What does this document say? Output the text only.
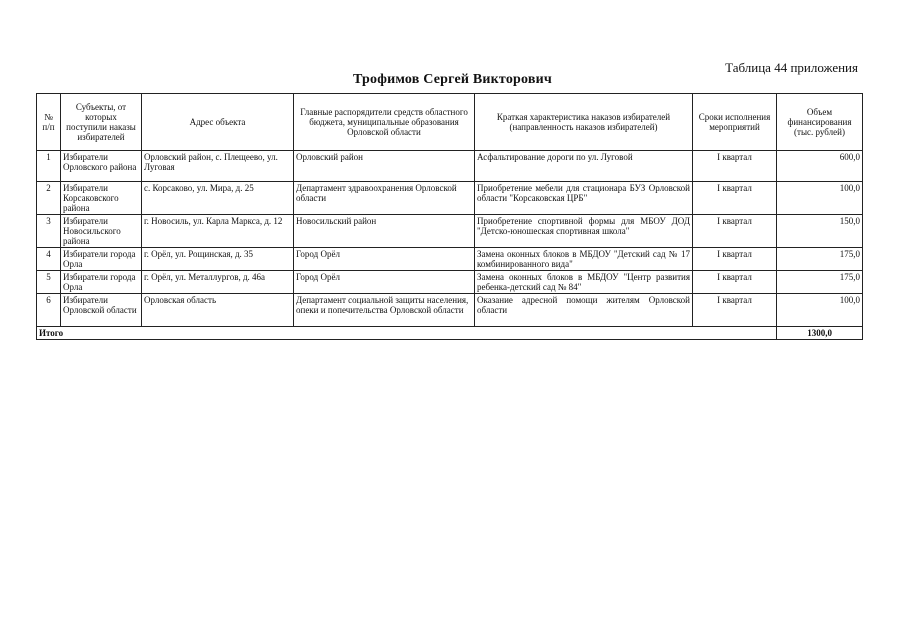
Таблица 44 приложения
Трофимов Сергей Викторович
№ п/п	Субъекты, от которых поступили наказы избирателей	Адрес объекта	Главные распорядители средств областного бюджета, муниципальные образования Орловской области	Краткая характеристика наказов избирателей (направленность наказов избирателей)	Сроки исполнения мероприятий	Объем финансирования (тыс. рублей)
1	Избиратели Орловского района	Орловский район, с. Плещеево, ул. Луговая	Орловский район	Асфальтирование дороги по ул. Луговой	I квартал	600,0
2	Избиратели Корсаковского района	с. Корсаково, ул. Мира, д. 25	Департамент здравоохранения Орловской области	Приобретение мебели для стационара БУЗ Орловской области "Корсаковская ЦРБ"	I квартал	100,0
3	Избиратели Новосильского района	г. Новосиль, ул. Карла Маркса, д. 12	Новосильский район	Приобретение спортивной формы для МБОУ ДОД "Детско-юношеская спортивная школа"	I квартал	150,0
4	Избиратели города Орла	г. Орёл, ул. Рощинская, д. 35	Город Орёл	Замена оконных блоков в МБДОУ "Детский сад № 17 комбинированного вида"	I квартал	175,0
5	Избиратели города Орла	г. Орёл, ул. Металлургов, д. 46а	Город Орёл	Замена оконных блоков в МБДОУ "Центр развития ребенка-детский сад № 84"	I квартал	175,0
6	Избиратели Орловской области	Орловская область	Департамент социальной защиты населения, опеки и попечительства Орловской области	Оказание адресной помощи жителям Орловской области	I квартал	100,0
Итого						1300,0
